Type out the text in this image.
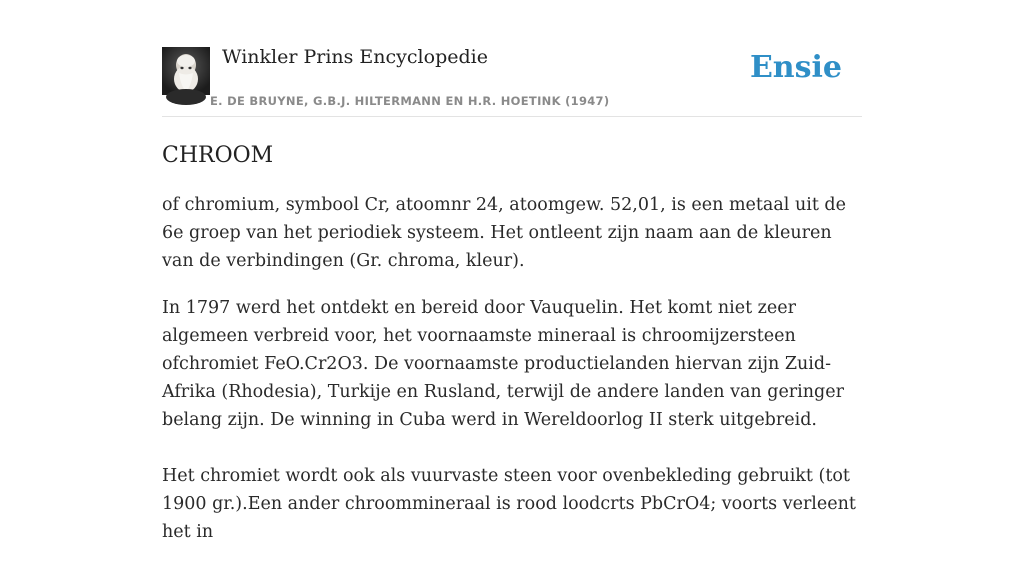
Winkler Prins Encyclopedie
E. DE BRUYNE, G.B.J. HILTERMANN EN H.R. HOETINK (1947)
Ensie
CHROOM

of chromium, symbool Cr, atoomnr 24, atoomgew. 52,01, is een metaal uit de 6e groep van het periodiek systeem. Het ontleent zijn naam aan de kleuren van de verbindingen (Gr. chroma, kleur).

In 1797 werd het ontdekt en bereid door Vauquelin. Het komt niet zeer algemeen verbreid voor, het voornaamste mineraal is chroomijzersteen ofchromiet FeO.Cr2O3. De voornaamste productielanden hiervan zijn Zuid-Afrika (Rhodesia), Turkije en Rusland, terwijl de andere landen van geringer belang zijn. De winning in Cuba werd in Wereldoorlog II sterk uitgebreid.

Het chromiet wordt ook als vuurvaste steen voor ovenbekleding gebruikt (tot 1900 gr.).Een ander chroommineraal is rood loodcrts PbCrO4; voorts verleent het in
